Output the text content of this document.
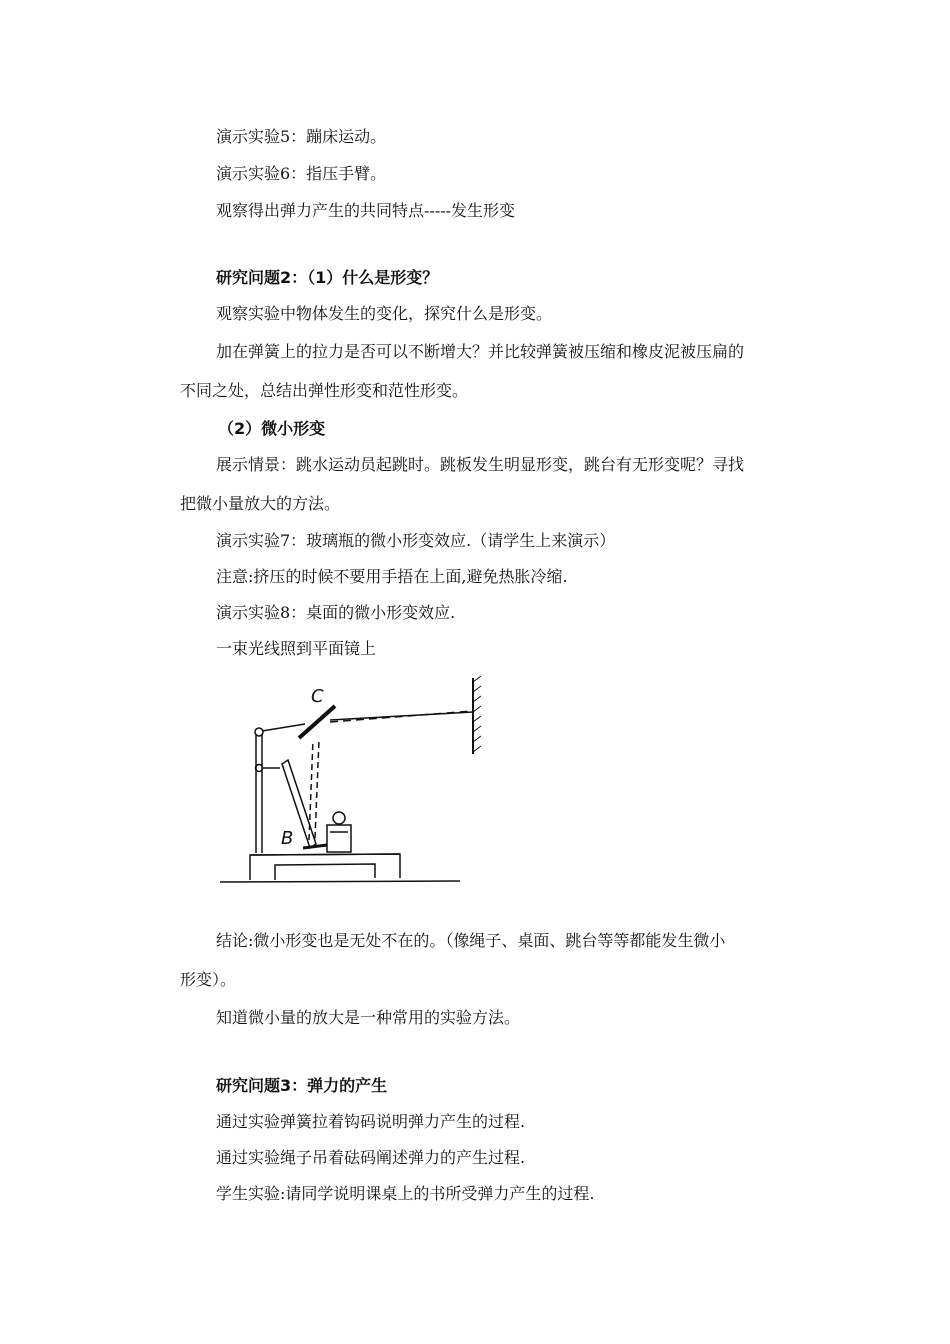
演示实验5：蹦床运动。

演示实验6：指压手臂。

观察得出弹力产生的共同特点-----发生形变

研究问题2：（1）什么是形变？

观察实验中物体发生的变化，探究什么是形变。

加在弹簧上的拉力是否可以不断增大？并比较弹簧被压缩和橡皮泥被压扁的

不同之处，总结出弹性形变和范性形变。

（2）微小形变

展示情景：跳水运动员起跳时。跳板发生明显形变，跳台有无形变呢？寻找

把微小量放大的方法。

演示实验7：玻璃瓶的微小形变效应.（请学生上来演示）

注意:挤压的时候不要用手捂在上面,避免热胀冷缩.

演示实验8：桌面的微小形变效应.

一束光线照到平面镜上

C
B

结论:微小形变也是无处不在的。（像绳子、桌面、跳台等等都能发生微小

形变）。

知道微小量的放大是一种常用的实验方法。

研究问题3：弹力的产生

通过实验弹簧拉着钩码说明弹力产生的过程.

通过实验绳子吊着砝码阐述弹力的产生过程.

学生实验:请同学说明课桌上的书所受弹力产生的过程.
